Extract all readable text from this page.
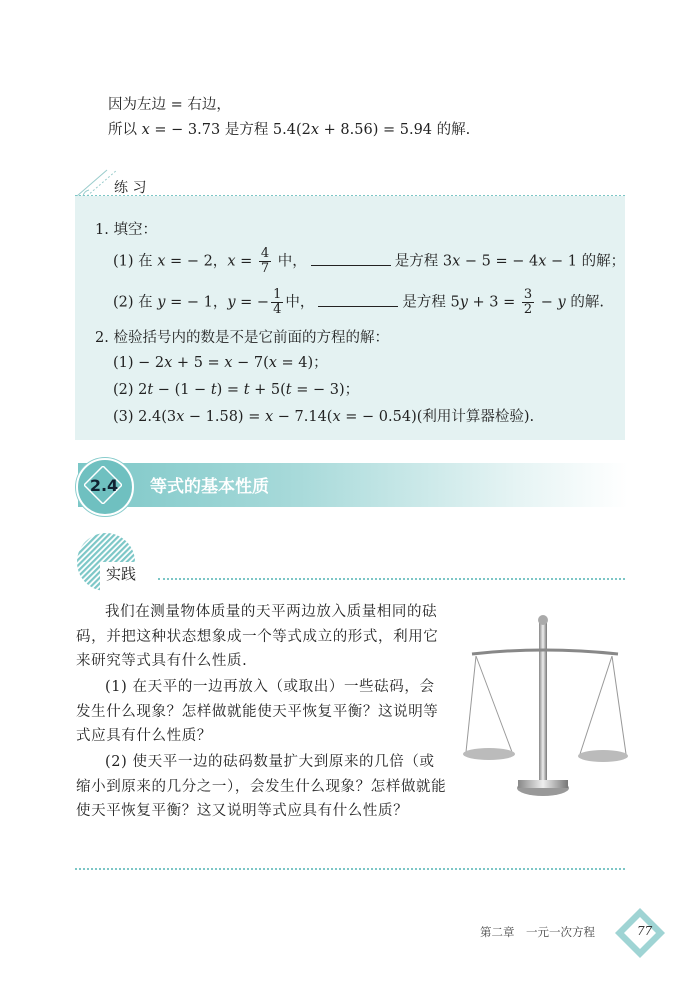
因为左边 = 右边，
所以 x = − 3.73 是方程 5.4(2x + 8.56) = 5.94 的解.
练 习
1. 填空：
(1) 在 x = − 2，$x = \frac{4}{7}$ 中，	是方程 3x − 5 = − 4x − 1 的解；
(2) 在 y = − 1，y = − $\frac{1}{4}$ 中，	是方程 $5y + 3 = \frac{3}{2} - y$ 的解.
2. 检验括号内的数是不是它前面的方程的解：
(1) − 2x + 5 = x − 7(x = 4)；
(2) 2t − (1 − t) = t + 5(t = − 3)；
(3) 2.4(3x − 1.58) = x − 7.14(x = − 0.54)(利用计算器检验).
2.4	等式的基本性质
实践
我们在测量物体质量的天平两边放入质量相同的砝码，并把这种状态想象成一个等式成立的形式，利用它来研究等式具有什么性质.
(1) 在天平的一边再放入（或取出）一些砝码，会发生什么现象？怎样做就能使天平恢复平衡？这说明等式应具有什么性质？
(2) 使天平一边的砝码数量扩大到原来的几倍（或缩小到原来的几分之一），会发生什么现象？怎样做就能使天平恢复平衡？这又说明等式应具有什么性质？
第二章　一元一次方程	77
